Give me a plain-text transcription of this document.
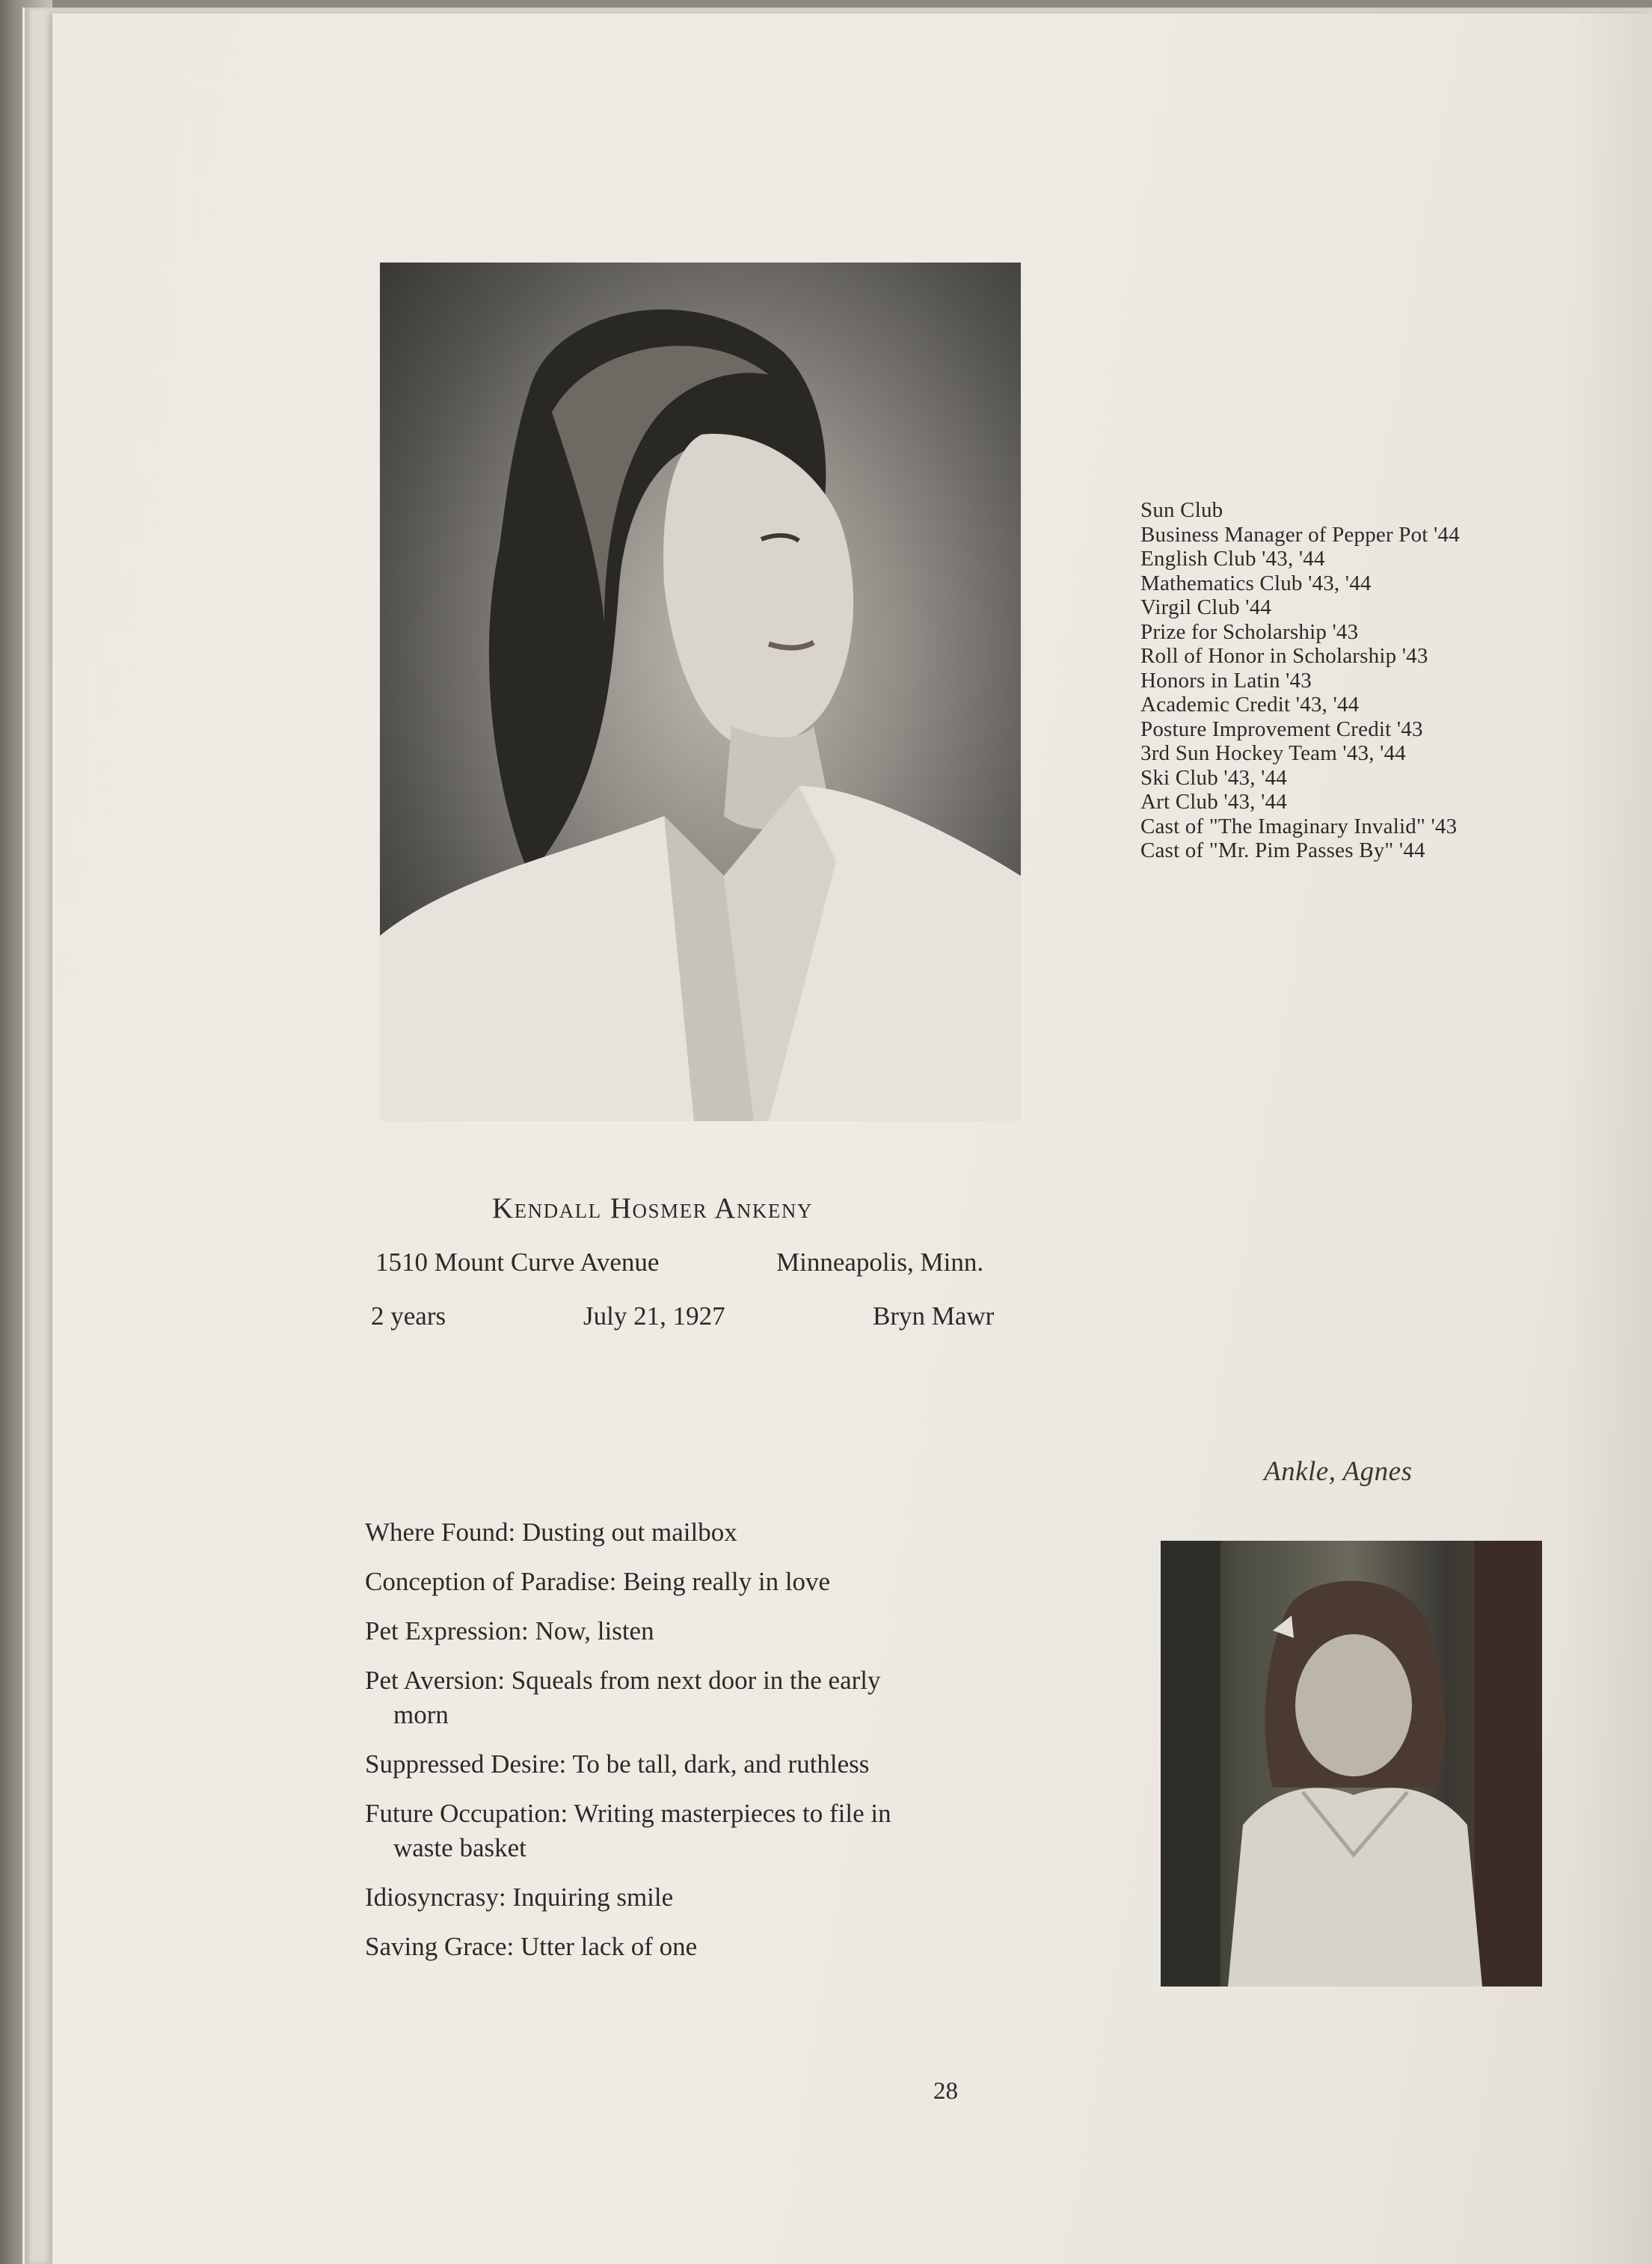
Sun Club
Business Manager of Pepper Pot '44
English Club '43, '44
Mathematics Club '43, '44
Virgil Club '44
Prize for Scholarship '43
Roll of Honor in Scholarship '43
Honors in Latin '43
Academic Credit '43, '44
Posture Improvement Credit '43
3rd Sun Hockey Team '43, '44
Ski Club '43, '44
Art Club '43, '44
Cast of "The Imaginary Invalid" '43
Cast of "Mr. Pim Passes By" '44
Kendall Hosmer Ankeny
1510 Mount Curve Avenue	Minneapolis, Minn.
2 years	July 21, 1927	Bryn Mawr
Ankle, Agnes
Where Found: Dusting out mailbox
Conception of Paradise: Being really in love
Pet Expression: Now, listen
Pet Aversion: Squeals from next door in the early
morn
Suppressed Desire: To be tall, dark, and ruthless
Future Occupation: Writing masterpieces to file in
waste basket
Idiosyncrasy: Inquiring smile
Saving Grace: Utter lack of one
28
